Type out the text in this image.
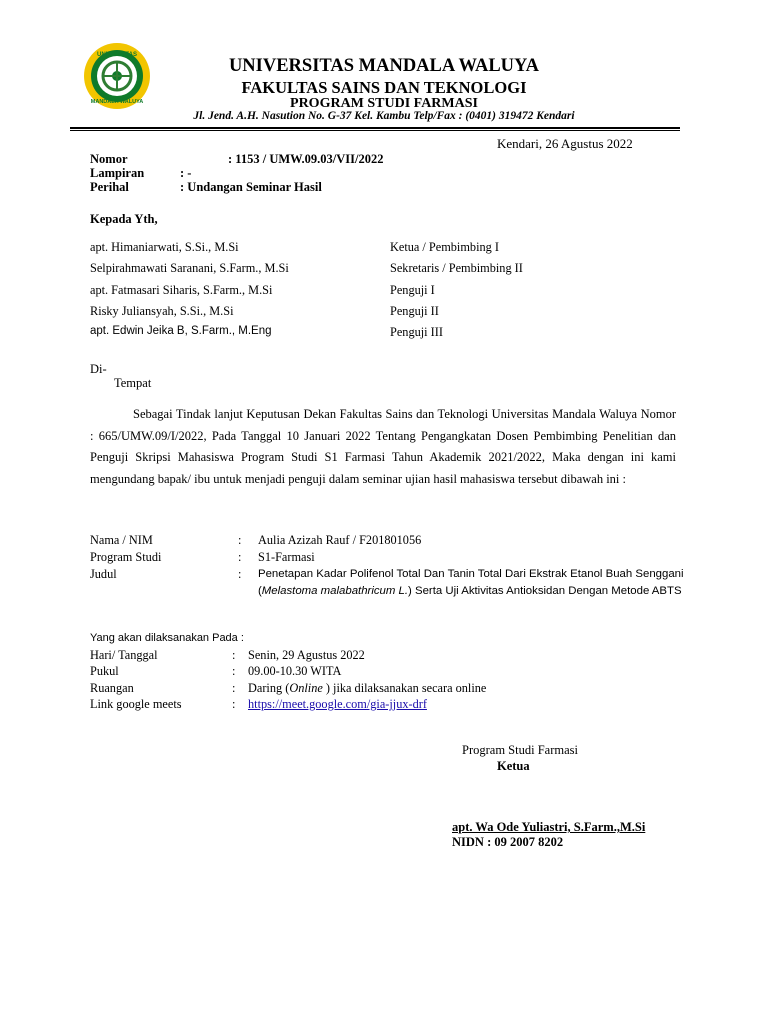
UNIVERSITAS
MANDALA WALUYA
UNIVERSITAS MANDALA WALUYA
FAKULTAS SAINS DAN TEKNOLOGI
PROGRAM STUDI FARMASI
Jl. Jend. A.H. Nasution No. G-37 Kel. Kambu Telp/Fax : (0401) 319472 Kendari
Kendari, 26 Agustus 2022
Nomor	: 1153 / UMW.09.03/VII/2022
Lampiran	: -
Perihal	: Undangan Seminar Hasil
Kepada Yth,
apt. Himaniarwati, S.Si., M.Si	Ketua / Pembimbing I
Selpirahmawati Saranani, S.Farm., M.Si	Sekretaris / Pembimbing II
apt. Fatmasari Siharis, S.Farm., M.Si	Penguji I
Risky Juliansyah, S.Si., M.Si	Penguji II
apt. Edwin Jeika B, S.Farm., M.Eng	Penguji III
Di-
Tempat
Sebagai Tindak lanjut Keputusan Dekan Fakultas Sains dan Teknologi Universitas Mandala Waluya Nomor : 665/UMW.09/I/2022, Pada Tanggal 10 Januari 2022 Tentang Pengangkatan Dosen Pembimbing Penelitian dan Penguji Skripsi Mahasiswa Program Studi S1 Farmasi Tahun Akademik 2021/2022, Maka dengan ini kami mengundang bapak/ ibu untuk menjadi penguji dalam seminar ujian hasil mahasiswa tersebut dibawah ini :
Nama / NIM	: Aulia Azizah Rauf / F201801056
Program Studi	: S1-Farmasi
Judul	: Penetapan Kadar Polifenol Total Dan Tanin Total Dari Ekstrak Etanol Buah Senggani (Melastoma malabathricum L.) Serta Uji Aktivitas Antioksidan Dengan Metode ABTS
Yang akan dilaksanakan Pada :
Hari/ Tanggal	: Senin, 29 Agustus 2022
Pukul	: 09.00-10.30 WITA
Ruangan	: Daring (Online ) jika dilaksanakan secara online
Link google meets	: https://meet.google.com/gia-jjux-drf
Program Studi Farmasi
Ketua
apt. Wa Ode Yuliastri, S.Farm.,M.Si
NIDN : 09 2007 8202
